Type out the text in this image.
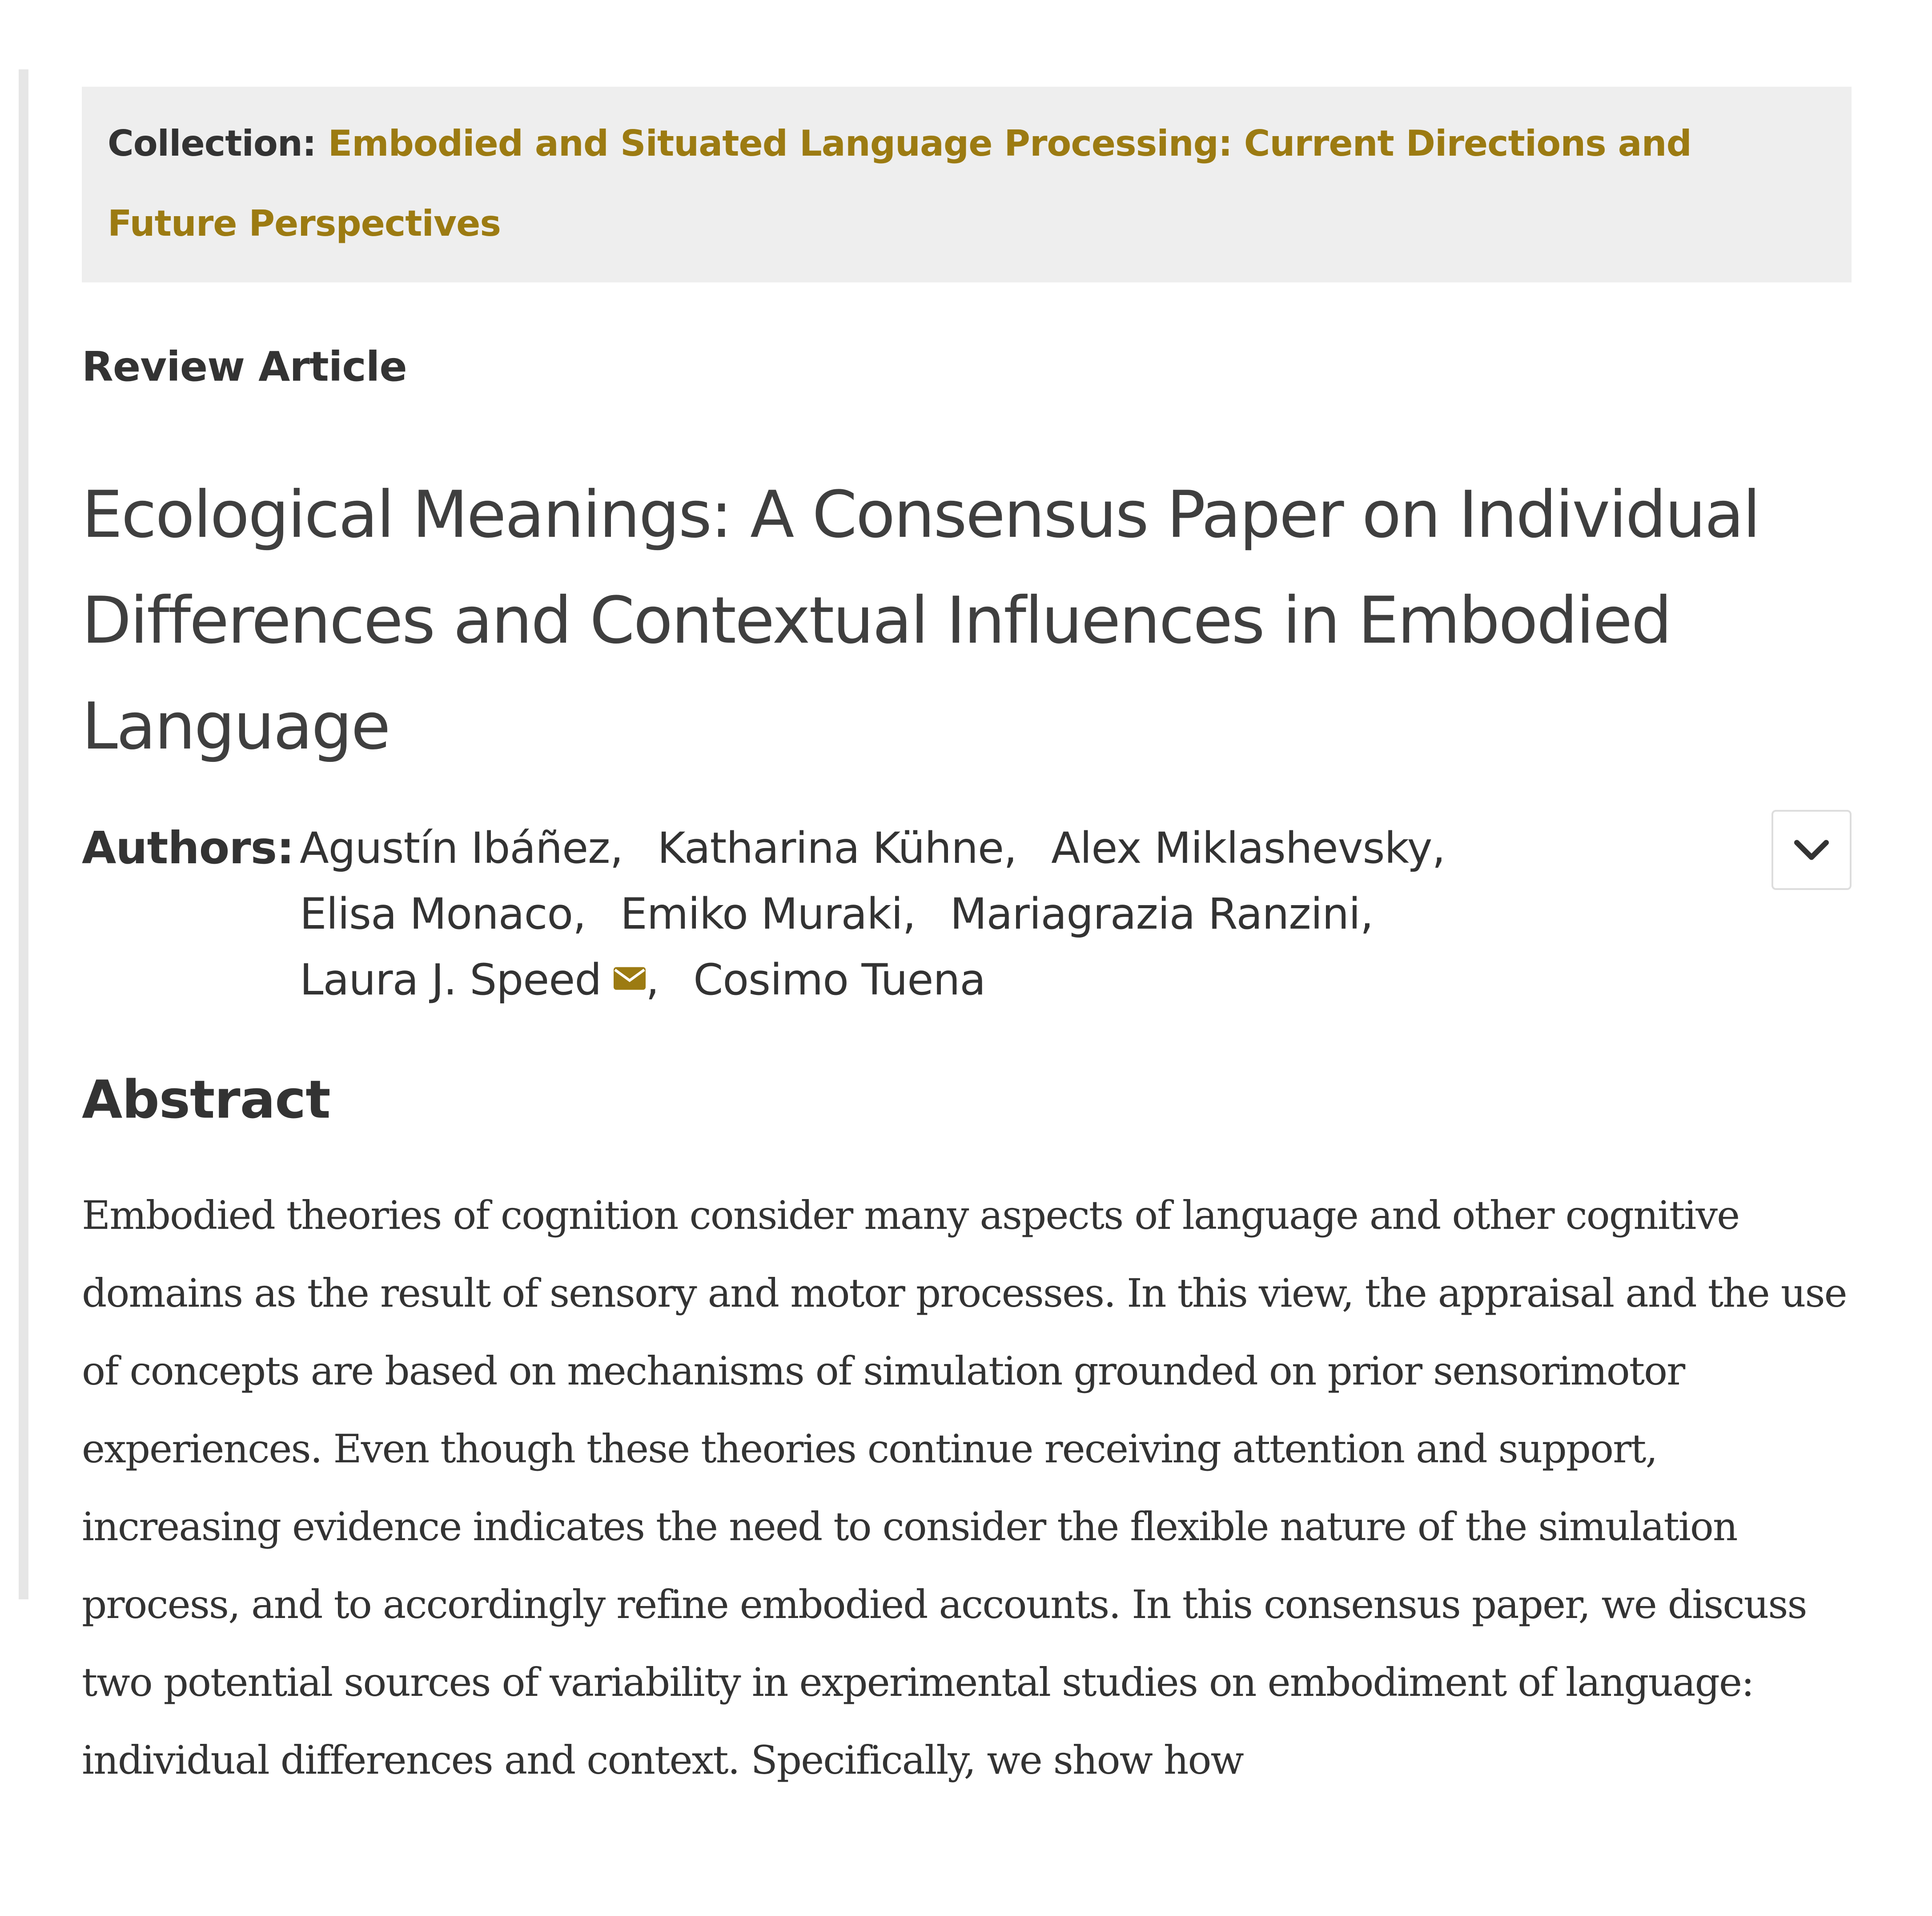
Collection: Embodied and Situated Language Processing: Current Directions and Future Perspectives
Review Article
Ecological Meanings: A Consensus Paper on Individual Differences and Contextual Influences in Embodied Language
Authors: Agustín Ibáñez, Katharina Kühne, Alex Miklashevsky, Elisa Monaco, Emiko Muraki, Mariagrazia Ranzini, Laura J. Speed , Cosimo Tuena
Abstract
Embodied theories of cognition consider many aspects of language and other cognitive domains as the result of sensory and motor processes. In this view, the appraisal and the use of concepts are based on mechanisms of simulation grounded on prior sensorimotor experiences. Even though these theories continue receiving attention and support, increasing evidence indicates the need to consider the flexible nature of the simulation process, and to accordingly refine embodied accounts. In this consensus paper, we discuss two potential sources of variability in experimental studies on embodiment of language: individual differences and context. Specifically, we show how
